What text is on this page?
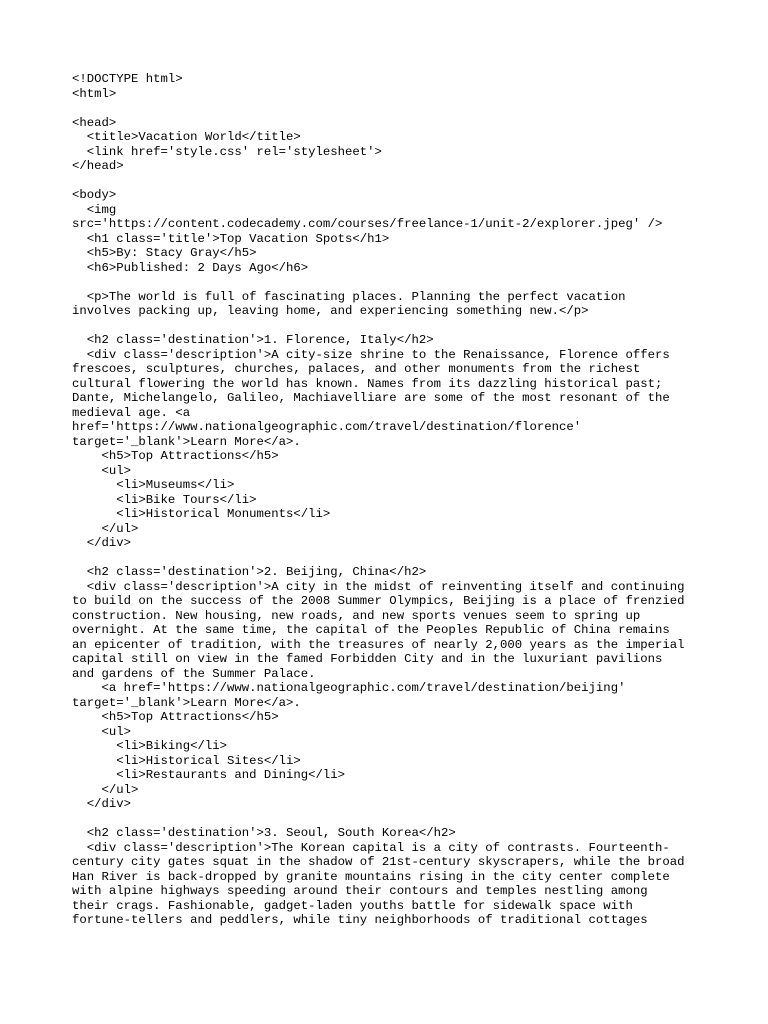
<!DOCTYPE html>
<html>

<head>
<title>Vacation World</title>
<link href='style.css' rel='stylesheet'>
</head>

<body>
<img
src='https://content.codecademy.com/courses/freelance-1/unit-2/explorer.jpeg' />
<h1 class='title'>Top Vacation Spots</h1>
<h5>By: Stacy Gray</h5>
<h6>Published: 2 Days Ago</h6>

<p>The world is full of fascinating places. Planning the perfect vacation
involves packing up, leaving home, and experiencing something new.</p>

<h2 class='destination'>1. Florence, Italy</h2>
<div class='description'>A city-size shrine to the Renaissance, Florence offers
frescoes, sculptures, churches, palaces, and other monuments from the richest
cultural flowering the world has known. Names from its dazzling historical past;
Dante, Michelangelo, Galileo, Machiavelliare are some of the most resonant of the
medieval age. <a
href='https://www.nationalgeographic.com/travel/destination/florence'
target='_blank'>Learn More</a>.
<h5>Top Attractions</h5>
<ul>
<li>Museums</li>
<li>Bike Tours</li>
<li>Historical Monuments</li>
</ul>
</div>

<h2 class='destination'>2. Beijing, China</h2>
<div class='description'>A city in the midst of reinventing itself and continuing
to build on the success of the 2008 Summer Olympics, Beijing is a place of frenzied
construction. New housing, new roads, and new sports venues seem to spring up
overnight. At the same time, the capital of the Peoples Republic of China remains
an epicenter of tradition, with the treasures of nearly 2,000 years as the imperial
capital still on view in the famed Forbidden City and in the luxuriant pavilions
and gardens of the Summer Palace.
<a href='https://www.nationalgeographic.com/travel/destination/beijing'
target='_blank'>Learn More</a>.
<h5>Top Attractions</h5>
<ul>
<li>Biking</li>
<li>Historical Sites</li>
<li>Restaurants and Dining</li>
</ul>
</div>

<h2 class='destination'>3. Seoul, South Korea</h2>
<div class='description'>The Korean capital is a city of contrasts. Fourteenth-
century city gates squat in the shadow of 21st-century skyscrapers, while the broad
Han River is back-dropped by granite mountains rising in the city center complete
with alpine highways speeding around their contours and temples nestling among
their crags. Fashionable, gadget-laden youths battle for sidewalk space with
fortune-tellers and peddlers, while tiny neighborhoods of traditional cottages
